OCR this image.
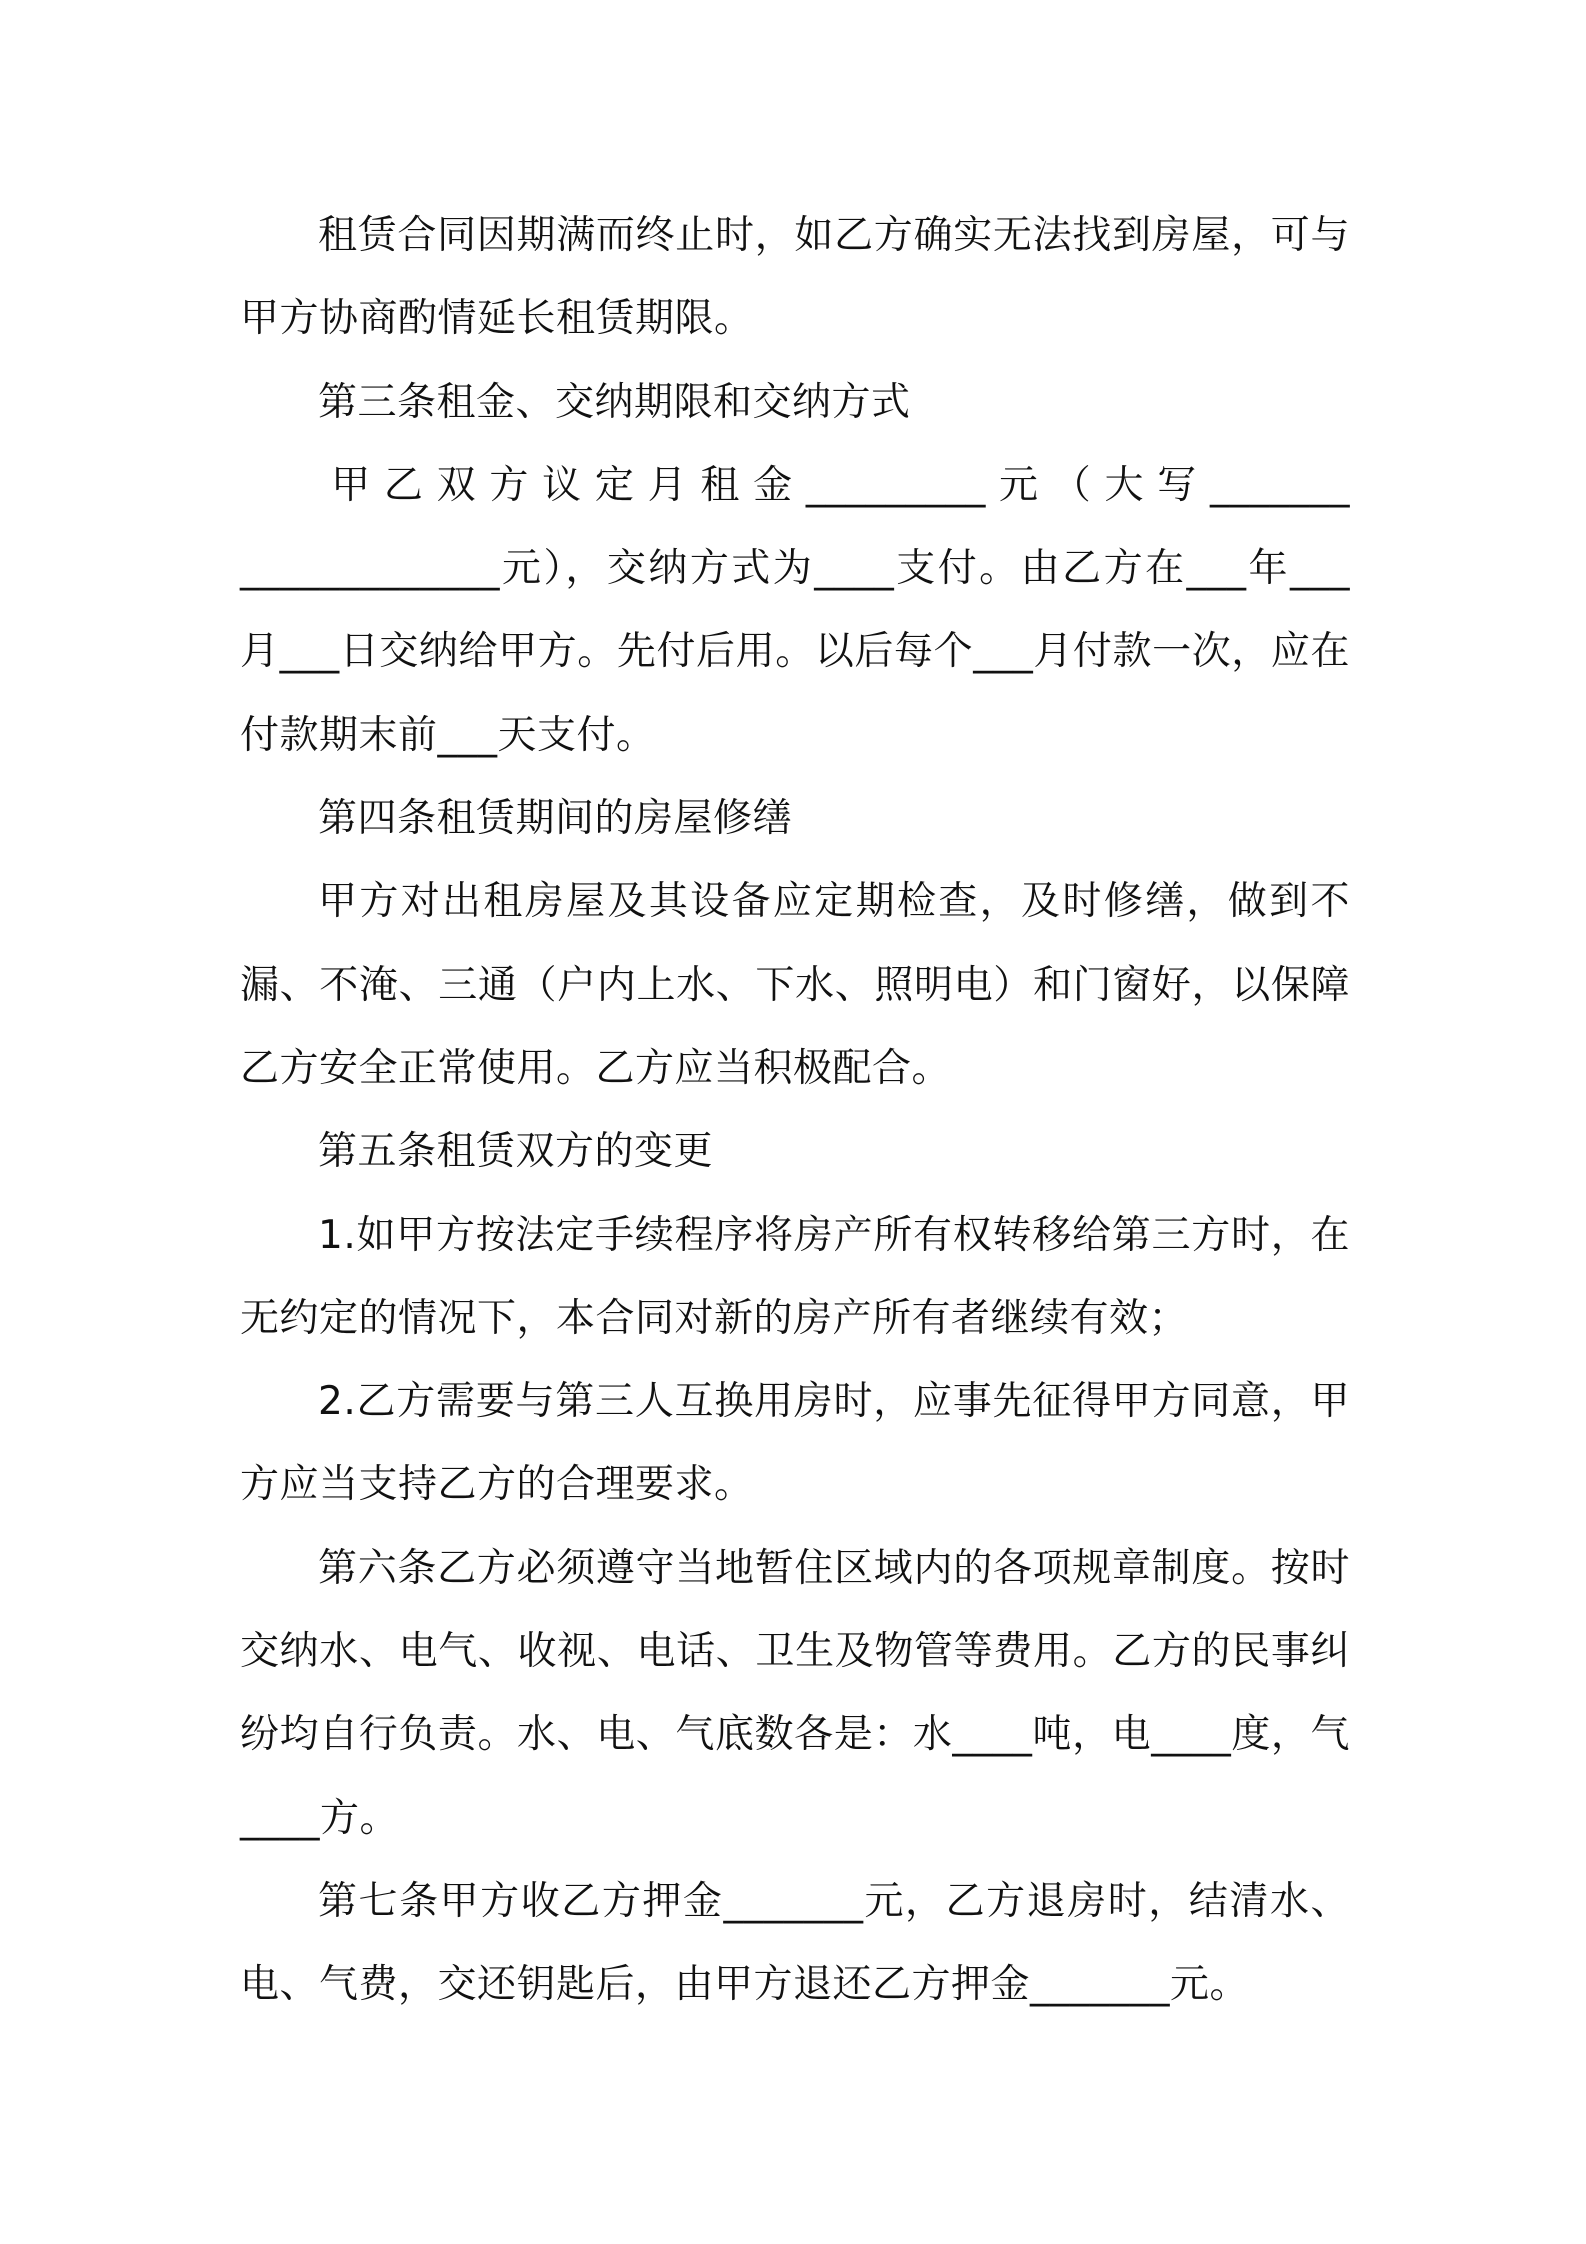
租赁合同因期满而终止时，如乙方确实无法找到房屋，可与甲方协商酌情延长租赁期限。

第三条租金、交纳期限和交纳方式

甲 乙 双 方 议 定 月 租 金 _________ 元 （ 大 写 ____________________元），交纳方式为____支付。由乙方在___年___月___日交纳给甲方。先付后用。以后每个___月付款一次，应在付款期末前___天支付。

第四条租赁期间的房屋修缮

甲方对出租房屋及其设备应定期检查，及时修缮，做到不漏、不淹、三通（户内上水、下水、照明电）和门窗好，以保障乙方安全正常使用。乙方应当积极配合。

第五条租赁双方的变更

1.如甲方按法定手续程序将房产所有权转移给第三方时，在无约定的情况下，本合同对新的房产所有者继续有效；

2.乙方需要与第三人互换用房时，应事先征得甲方同意，甲方应当支持乙方的合理要求。

第六条乙方必须遵守当地暂住区域内的各项规章制度。按时交纳水、电气、收视、电话、卫生及物管等费用。乙方的民事纠纷均自行负责。水、电、气底数各是：水____吨，电____度，气____方。

第七条甲方收乙方押金_______元，乙方退房时，结清水、电、气费，交还钥匙后，由甲方退还乙方押金_______元。
